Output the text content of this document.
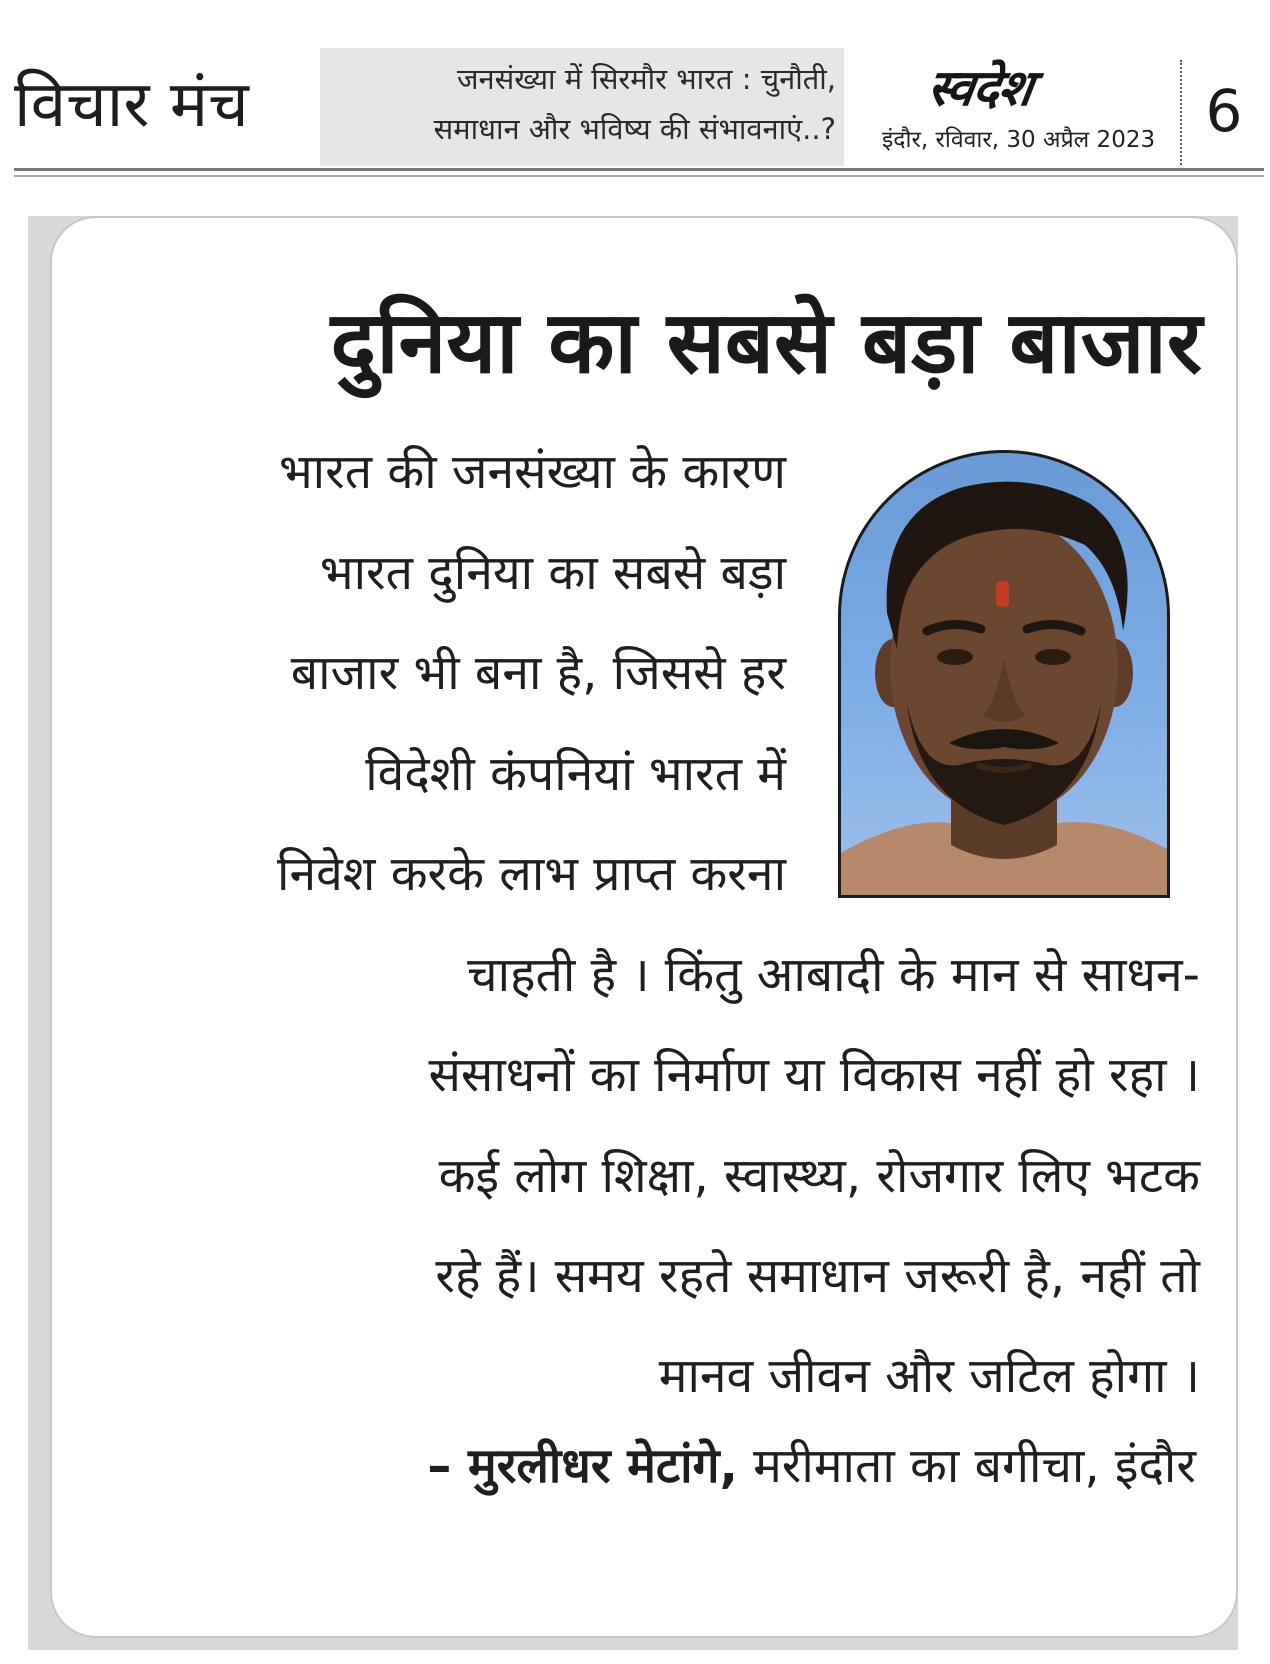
विचार मंच	जनसंख्या में सिरमौर भारत : चुनौती,
समाधान और भविष्य की संभावनाएं..?
स्वदेश
इंदौर, रविवार, 30 अप्रैल 2023 6
दुनिया का सबसे बड़ा बाजार
भारत की जनसंख्या के कारण
भारत दुनिया का सबसे बड़ा
बाजार भी बना है, जिससे हर
विदेशी कंपनियां भारत में
निवेश करके लाभ प्राप्त करना
चाहती है । किंतु आबादी के मान से साधन-
संसाधनों का निर्माण या विकास नहीं हो रहा ।
कई लोग शिक्षा, स्वास्थ्य, रोजगार लिए भटक
रहे हैं। समय रहते समाधान जरूरी है, नहीं तो
मानव जीवन और जटिल होगा ।
– मुरलीधर मेटांगे, मरीमाता का बगीचा, इंदौर
